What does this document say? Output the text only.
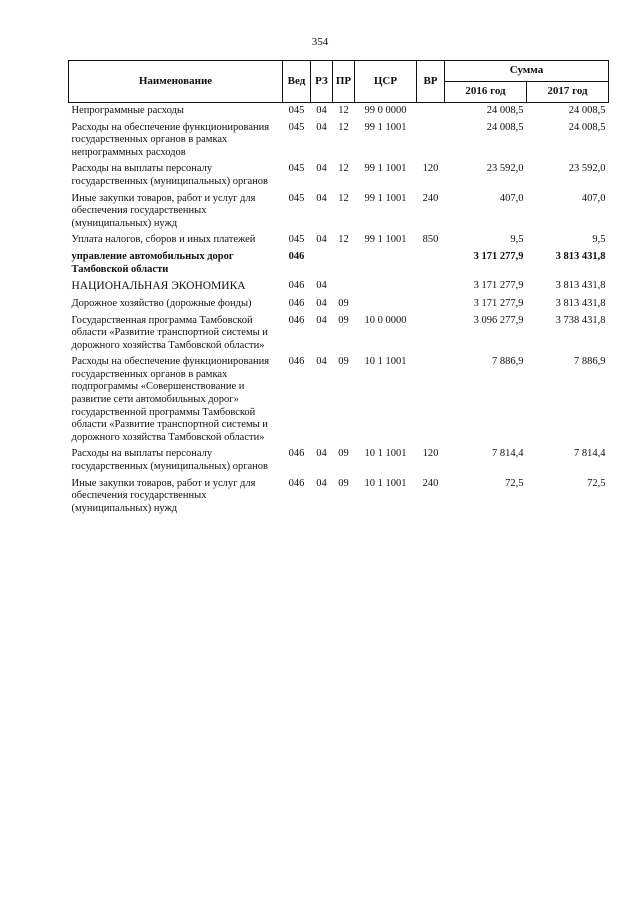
354
Наименование	Вед	РЗ	ПР	ЦСР	ВР	Сумма	
						2016 год	2017 год
Непрограммные расходы	045	04	12	99 0 0000		24 008,5	24 008,5
Расходы на обеспечение функционирования государственных органов в рамках непрограммных расходов	045	04	12	99 1 1001		24 008,5	24 008,5
Расходы на выплаты персоналу государственных (муниципальных) органов	045	04	12	99 1 1001	120	23 592,0	23 592,0
Иные закупки товаров, работ и услуг для обеспечения государственных (муниципальных) нужд	045	04	12	99 1 1001	240	407,0	407,0
Уплата налогов, сборов и иных платежей	045	04	12	99 1 1001	850	9,5	9,5
управление автомобильных дорог Тамбовской области	046					3 171 277,9	3 813 431,8
НАЦИОНАЛЬНАЯ ЭКОНОМИКА	046	04				3 171 277,9	3 813 431,8
Дорожное хозяйство (дорожные фонды)	046	04	09			3 171 277,9	3 813 431,8
Государственная программа Тамбовской области «Развитие транспортной системы и дорожного хозяйства Тамбовской области»	046	04	09	10 0 0000		3 096 277,9	3 738 431,8
Расходы на обеспечение функционирования государственных органов в рамках подпрограммы «Совершенствование и развитие сети автомобильных дорог» государственной программы Тамбовской области «Развитие транспортной системы и дорожного хозяйства Тамбовской области»	046	04	09	10 1 1001		7 886,9	7 886,9
Расходы на выплаты персоналу государственных (муниципальных) органов	046	04	09	10 1 1001	120	7 814,4	7 814,4
Иные закупки товаров, работ и услуг для обеспечения государственных (муниципальных) нужд	046	04	09	10 1 1001	240	72,5	72,5
